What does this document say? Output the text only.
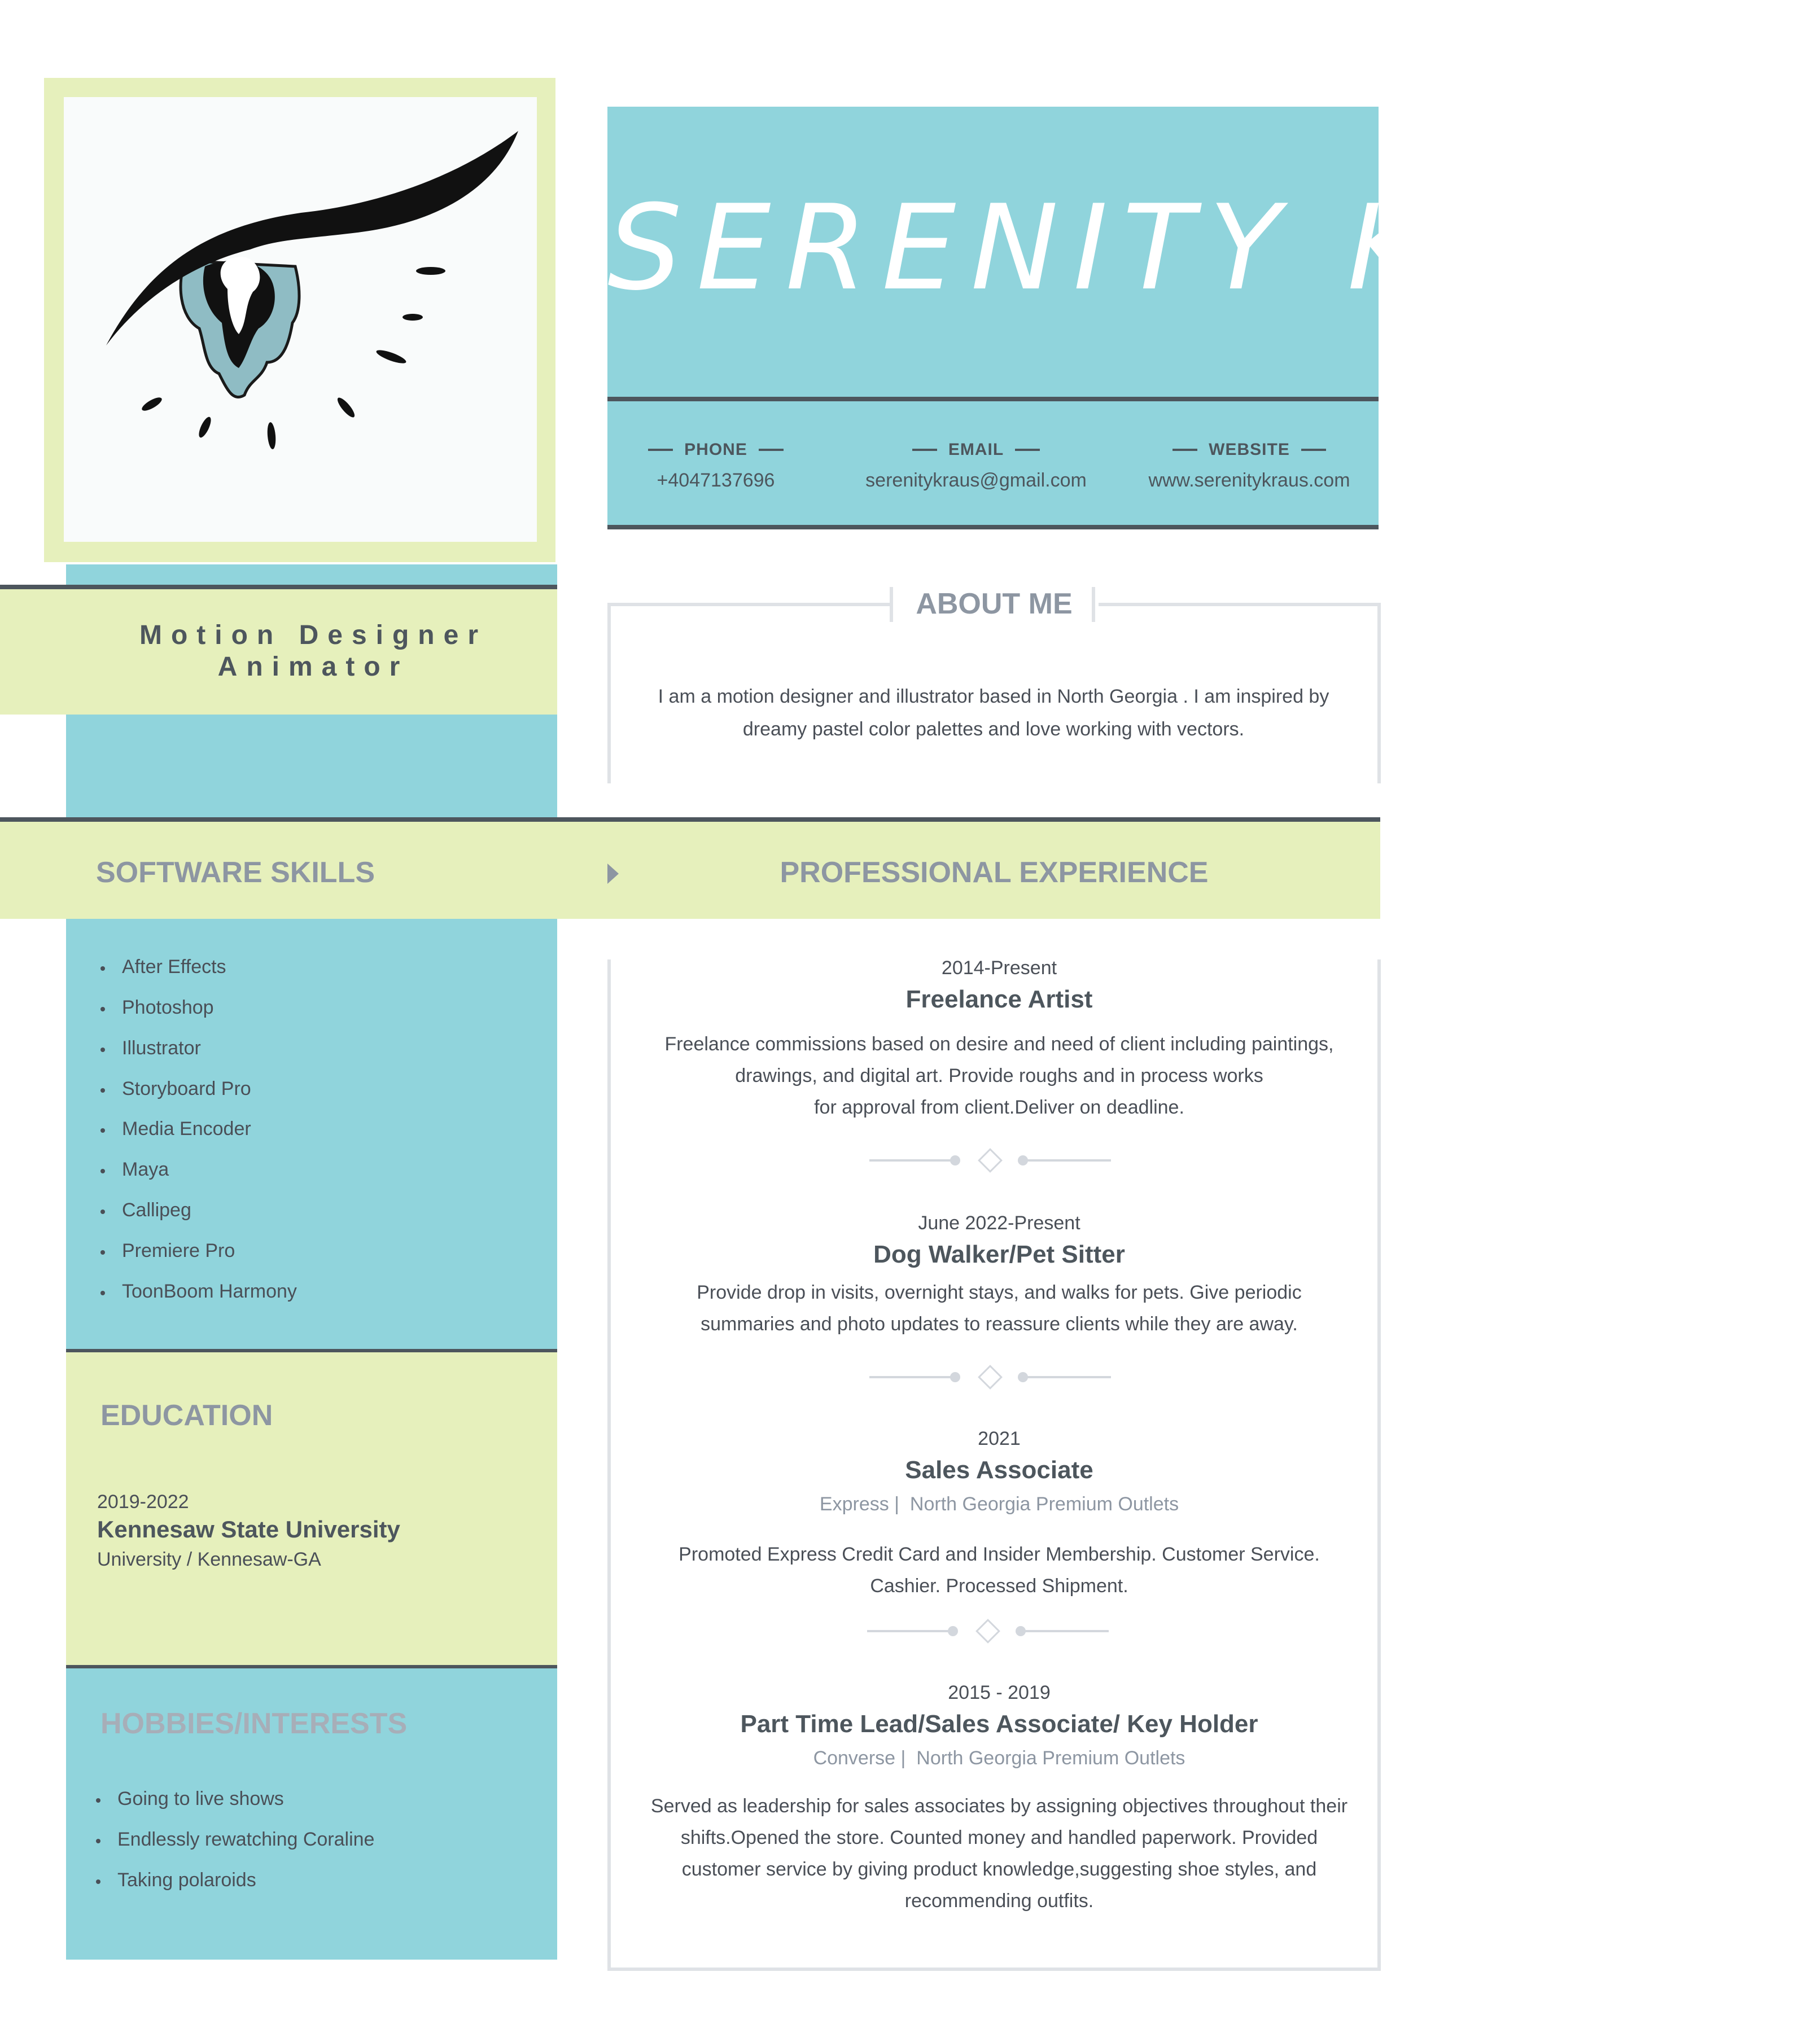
SERENITY KRAUS
PHONE
+4047137696
EMAIL
serenitykraus@gmail.com
WEBSITE
www.serenitykraus.com
Motion Designer
Animator
ABOUT ME
I am a motion designer and illustrator based in North Georgia . I am inspired by
dreamy pastel color palettes and love working with vectors.
SOFTWARE SKILLS	PROFESSIONAL EXPERIENCE
After Effects
Photoshop
Illustrator
Storyboard Pro
Media Encoder
Maya
Callipeg
Premiere Pro
ToonBoom Harmony
EDUCATION
2019-2022
Kennesaw State University
University / Kennesaw-GA
HOBBIES/INTERESTS
Going to live shows
Endlessly rewatching Coraline
Taking polaroids
2014-Present
Freelance Artist
Freelance commissions based on desire and need of client including paintings,
drawings, and digital art. Provide roughs and in process works
for approval from client.Deliver on deadline.
June 2022-Present
Dog Walker/Pet Sitter
Provide drop in visits, overnight stays, and walks for pets. Give periodic
summaries and photo updates to reassure clients while they are away.
2021
Sales Associate
Express | North Georgia Premium Outlets
Promoted Express Credit Card and Insider Membership. Customer Service.
Cashier. Processed Shipment.
2015 - 2019
Part Time Lead/Sales Associate/ Key Holder
Converse | North Georgia Premium Outlets
Served as leadership for sales associates by assigning objectives throughout their
shifts.Opened the store. Counted money and handled paperwork. Provided
customer service by giving product knowledge,suggesting shoe styles, and
recommending outfits.
